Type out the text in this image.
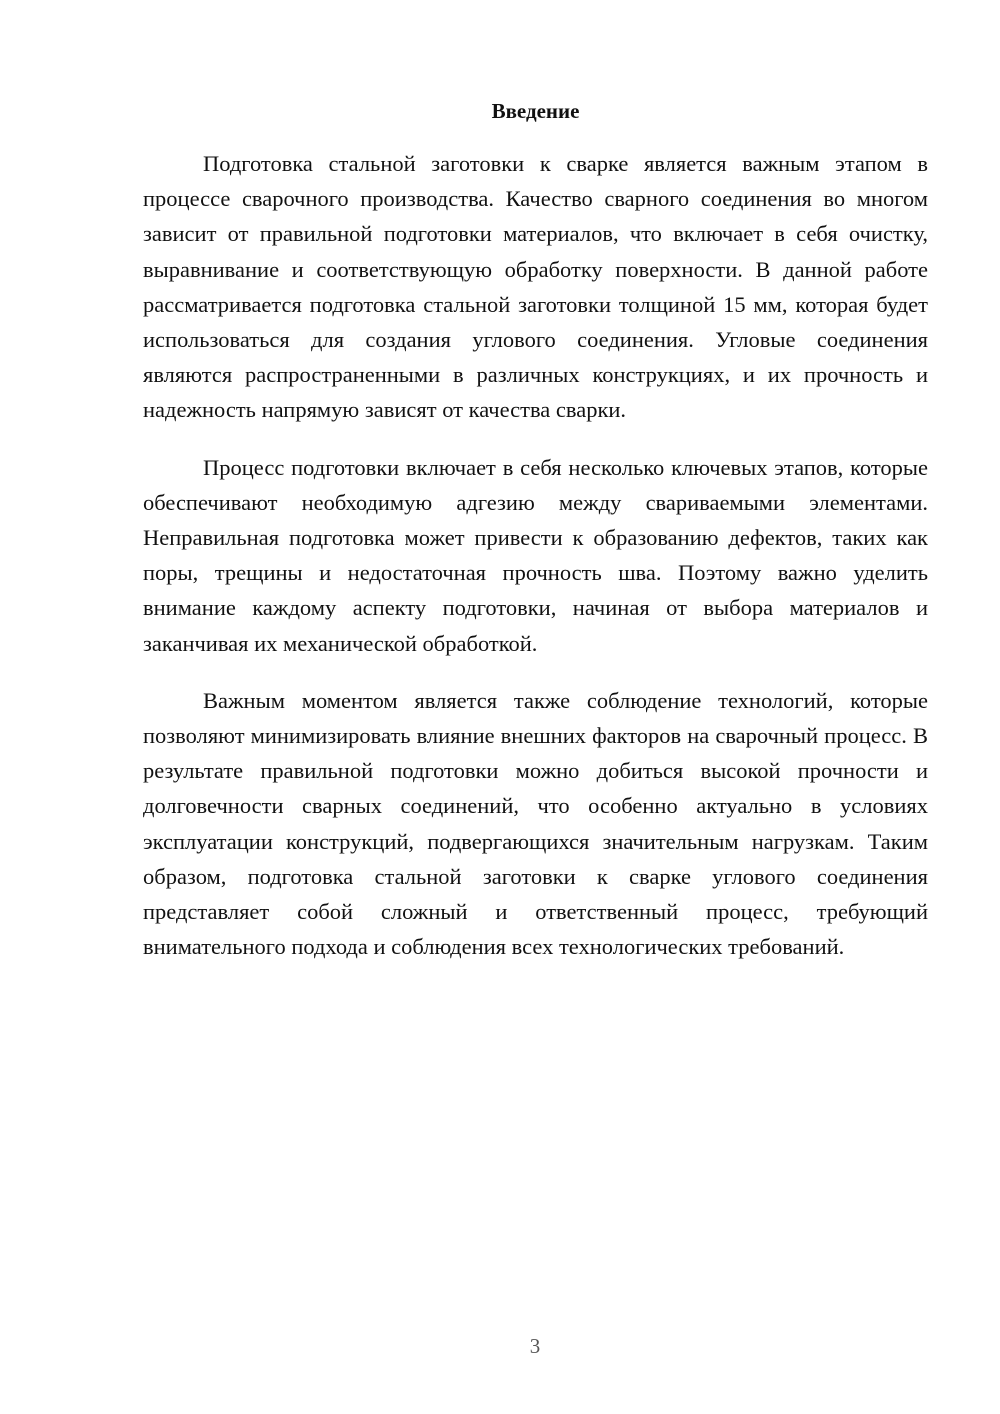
Введение

Подготовка стальной заготовки к сварке является важным этапом в процессе сварочного производства. Качество сварного соединения во многом зависит от правильной подготовки материалов, что включает в себя очистку, выравнивание и соответствующую обработку поверхности. В данной работе рассматривается подготовка стальной заготовки толщиной 15 мм, которая будет использоваться для создания углового соединения. Угловые соединения являются распространенными в различных конструкциях, и их прочность и надежность напрямую зависят от качества сварки.

Процесс подготовки включает в себя несколько ключевых этапов, которые обеспечивают необходимую адгезию между свариваемыми элементами. Неправильная подготовка может привести к образованию дефектов, таких как поры, трещины и недостаточная прочность шва. Поэтому важно уделить внимание каждому аспекту подготовки, начиная от выбора материалов и заканчивая их механической обработкой.

Важным моментом является также соблюдение технологий, которые позволяют минимизировать влияние внешних факторов на сварочный процесс. В результате правильной подготовки можно добиться высокой прочности и долговечности сварных соединений, что особенно актуально в условиях эксплуатации конструкций, подвергающихся значительным нагрузкам. Таким образом, подготовка стальной заготовки к сварке углового соединения представляет собой сложный и ответственный процесс, требующий внимательного подхода и соблюдения всех технологических требований.

3
